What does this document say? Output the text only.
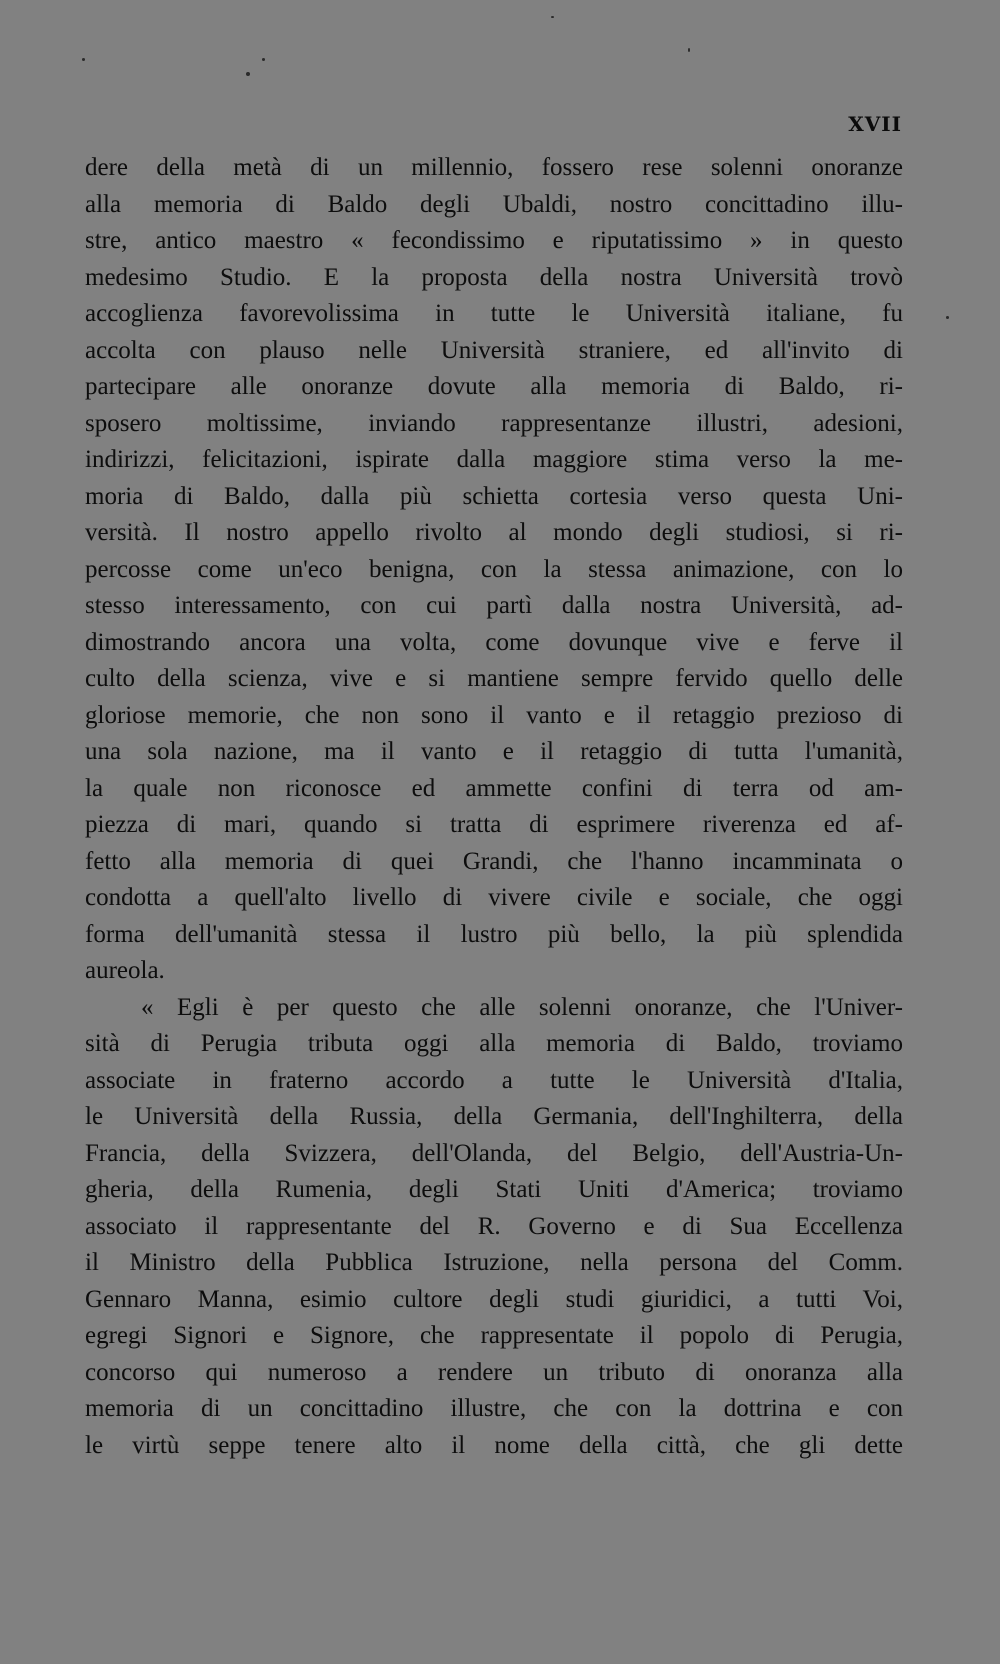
XVII
dere della metà di un millennio, fossero rese solenni onoranze
alla memoria di Baldo degli Ubaldi, nostro concittadino illu-
stre, antico maestro « fecondissimo e riputatissimo » in questo
medesimo Studio. E la proposta della nostra Università trovò
accoglienza favorevolissima in tutte le Università italiane, fu
accolta con plauso nelle Università straniere, ed all'invito di
partecipare alle onoranze dovute alla memoria di Baldo, ri-
sposero moltissime, inviando rappresentanze illustri, adesioni,
indirizzi, felicitazioni, ispirate dalla maggiore stima verso la me-
moria di Baldo, dalla più schietta cortesia verso questa Uni-
versità. Il nostro appello rivolto al mondo degli studiosi, si ri-
percosse come un'eco benigna, con la stessa animazione, con lo
stesso interessamento, con cui partì dalla nostra Università, ad-
dimostrando ancora una volta, come dovunque vive e ferve il
culto della scienza, vive e si mantiene sempre fervido quello delle
gloriose memorie, che non sono il vanto e il retaggio prezioso di
una sola nazione, ma il vanto e il retaggio di tutta l'umanità,
la quale non riconosce ed ammette confini di terra od am-
piezza di mari, quando si tratta di esprimere riverenza ed af-
fetto alla memoria di quei Grandi, che l'hanno incamminata o
condotta a quell'alto livello di vivere civile e sociale, che oggi
forma dell'umanità stessa il lustro più bello, la più splendida
aureola.
« Egli è per questo che alle solenni onoranze, che l'Univer-
sità di Perugia tributa oggi alla memoria di Baldo, troviamo
associate in fraterno accordo a tutte le Università d'Italia,
le Università della Russia, della Germania, dell'Inghilterra, della
Francia, della Svizzera, dell'Olanda, del Belgio, dell'Austria-Un-
gheria, della Rumenia, degli Stati Uniti d'America; troviamo
associato il rappresentante del R. Governo e di Sua Eccellenza
il Ministro della Pubblica Istruzione, nella persona del Comm.
Gennaro Manna, esimio cultore degli studi giuridici, a tutti Voi,
egregi Signori e Signore, che rappresentate il popolo di Perugia,
concorso qui numeroso a rendere un tributo di onoranza alla
memoria di un concittadino illustre, che con la dottrina e con
le virtù seppe tenere alto il nome della città, che gli dette
